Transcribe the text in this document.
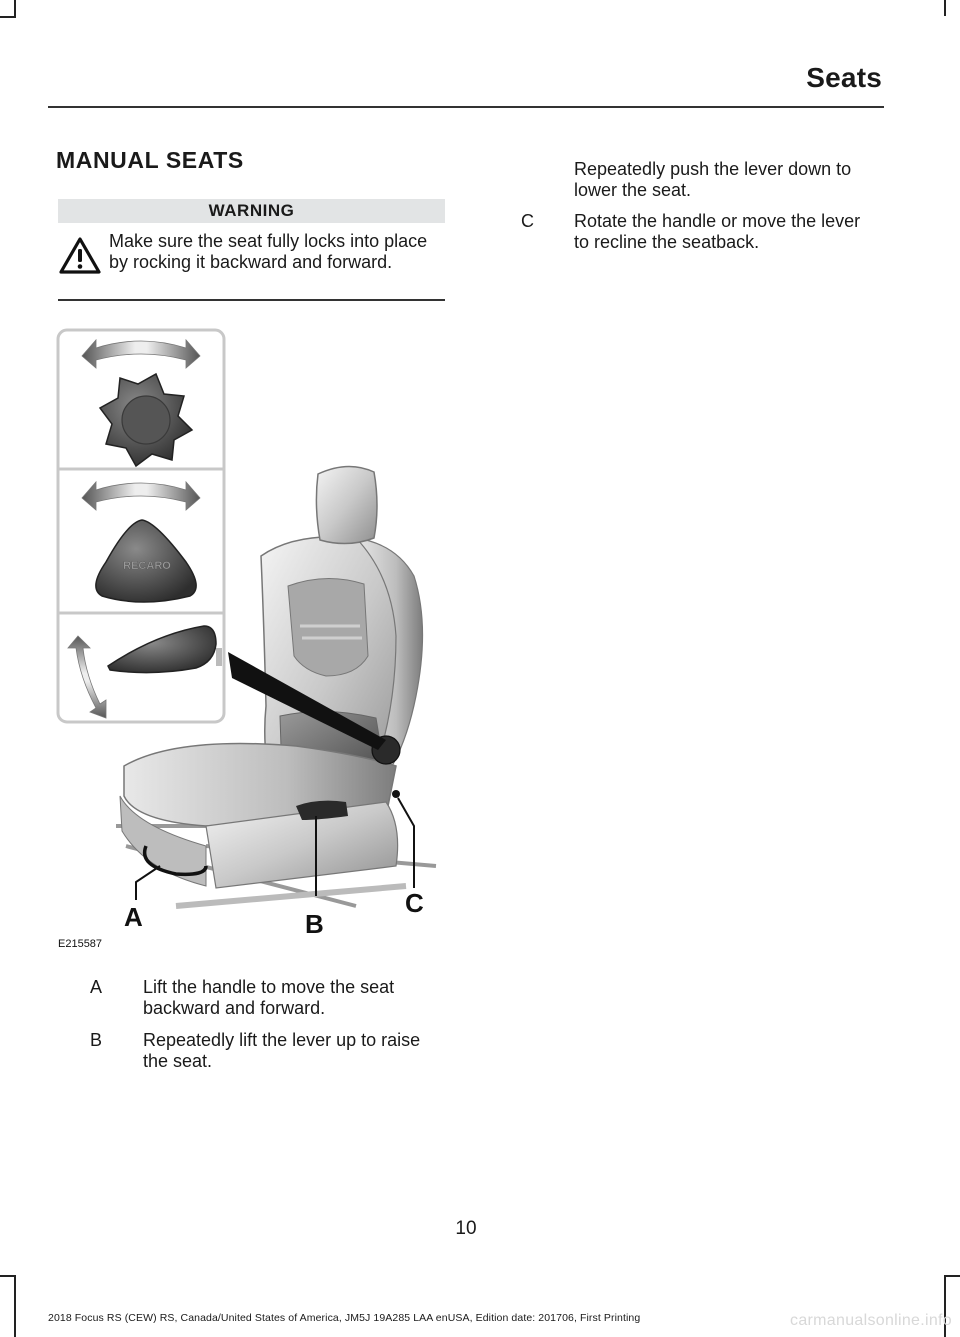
Seats
MANUAL SEATS
WARNING
Make sure the seat fully locks into place by rocking it backward and forward.
RECARO
A	B
C
E215587
A Lift the handle to move the seat backward and forward.
B Repeatedly lift the lever up to raise the seat.
Repeatedly push the lever down to lower the seat.
C Rotate the handle or move the lever to recline the seatback.
10
2018 Focus RS (CEW) RS, Canada/United States of America, JM5J 19A285 LAA enUSA, Edition date: 201706, First Printing	carmanualsonline.info
